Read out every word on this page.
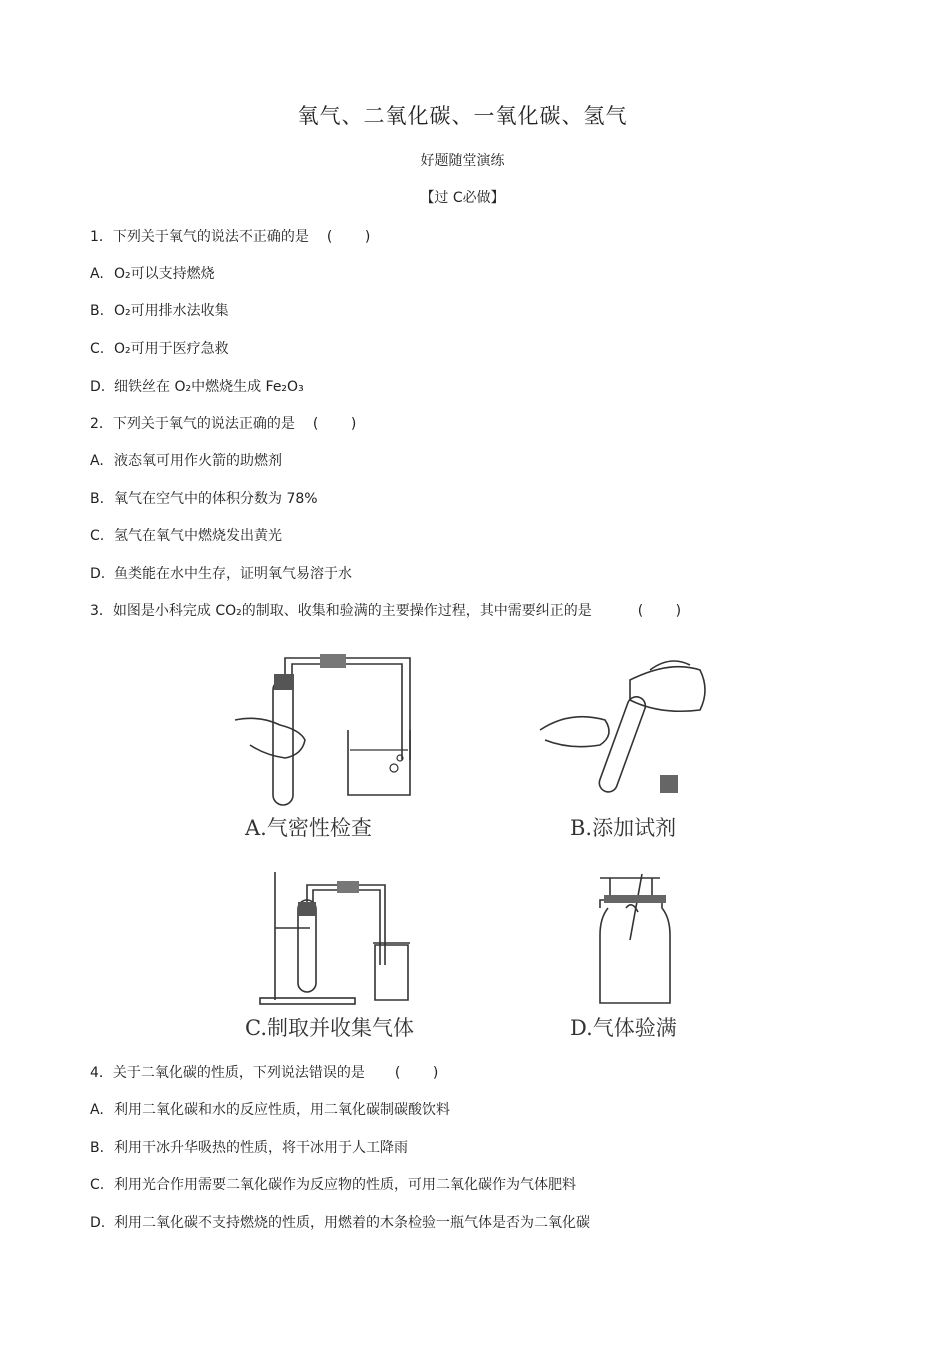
氧气、二氧化碳、一氧化碳、氢气
好题随堂演练
【过 C必做】
1．下列关于氧气的说法不正确的是 ( )
A. O₂可以支持燃烧
B. O₂可用排水法收集
C. O₂可用于医疗急救
D. 细铁丝在 O₂中燃烧生成 Fe₂O₃
2．下列关于氧气的说法正确的是 ( )
A. 液态氧可用作火箭的助燃剂
B. 氧气在空气中的体积分数为 78%
C. 氢气在氧气中燃烧发出黄光
D. 鱼类能在水中生存，证明氧气易溶于水
3．如图是小科完成 CO₂的制取、收集和验满的主要操作过程，其中需要纠正的是	( )
A.气密性检查	B.添加试剂
C.制取并收集气体	D.气体验满
4．关于二氧化碳的性质，下列说法错误的是 ( )
A. 利用二氧化碳和水的反应性质，用二氧化碳制碳酸饮料
B. 利用干冰升华吸热的性质，将干冰用于人工降雨
C. 利用光合作用需要二氧化碳作为反应物的性质，可用二氧化碳作为气体肥料
D. 利用二氧化碳不支持燃烧的性质，用燃着的木条检验一瓶气体是否为二氧化碳
